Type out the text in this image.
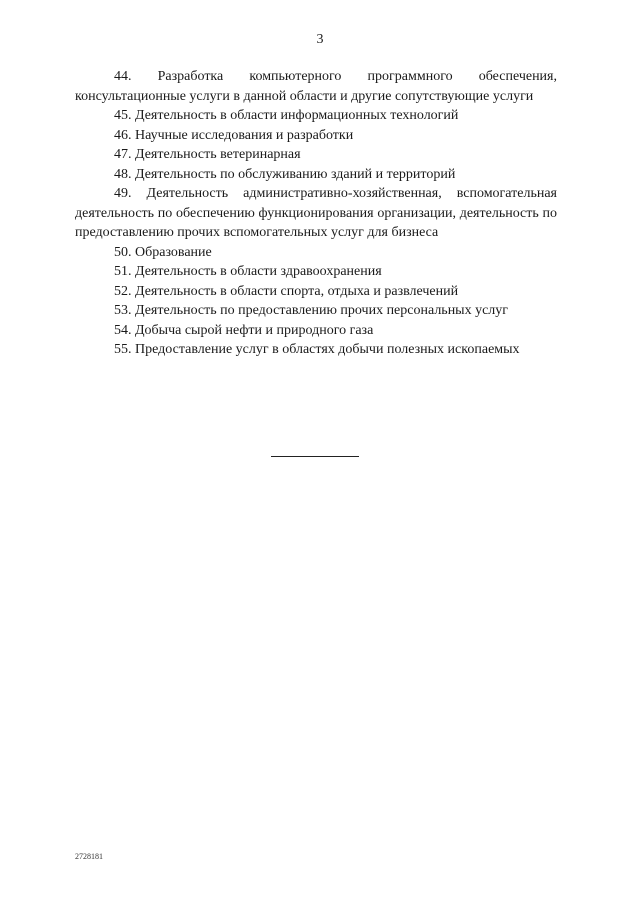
3

44. Разработка компьютерного программного обеспечения, консультационные услуги в данной области и другие сопутствующие услуги

45. Деятельность в области информационных технологий

46. Научные исследования и разработки

47. Деятельность ветеринарная

48. Деятельность по обслуживанию зданий и территорий

49. Деятельность административно-хозяйственная, вспомогательная деятельность по обеспечению функционирования организации, деятельность по предоставлению прочих вспомогательных услуг для бизнеса

50. Образование

51. Деятельность в области здравоохранения

52. Деятельность в области спорта, отдыха и развлечений

53. Деятельность по предоставлению прочих персональных услуг

54. Добыча сырой нефти и природного газа

55. Предоставление услуг в областях добычи полезных ископаемых

2728181
